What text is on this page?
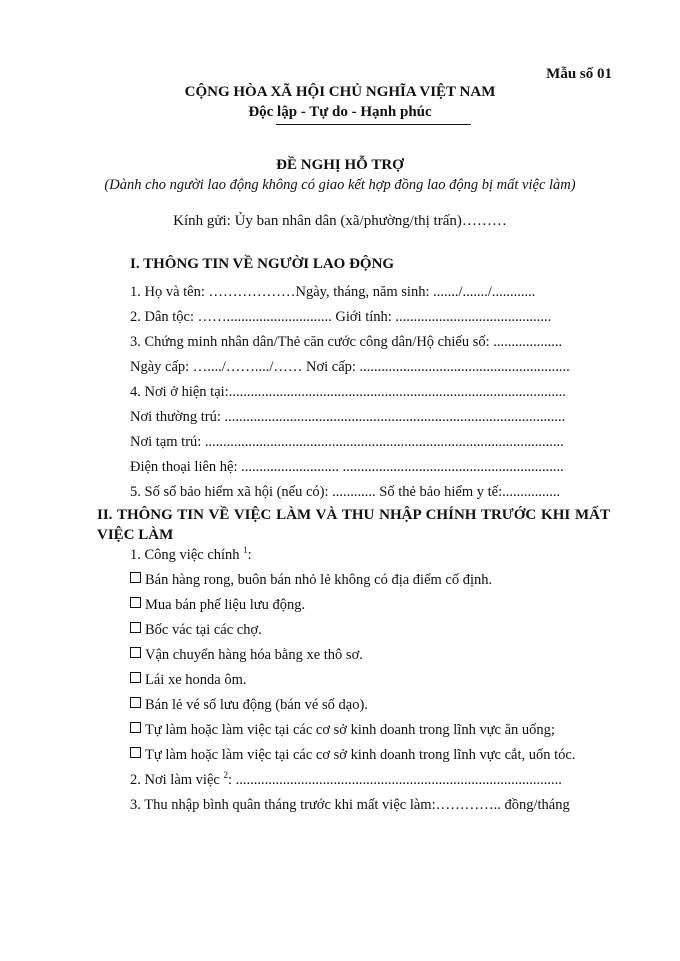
Mẫu số 01
CỘNG HÒA XÃ HỘI CHỦ NGHĨA VIỆT NAM
Độc lập - Tự do - Hạnh phúc
ĐỀ NGHỊ HỖ TRỢ
(Dành cho người lao động không có giao kết hợp đồng lao động bị mất việc làm)
Kính gửi: Ủy ban nhân dân (xã/phường/thị trấn)………
I. THÔNG TIN VỀ NGƯỜI LAO ĐỘNG
1. Họ và tên: ………………Ngày, tháng, năm sinh: ......./......./............
2. Dân tộc: ……............................. Giới tính: ...........................................
3. Chứng minh nhân dân/Thẻ căn cước công dân/Hộ chiếu số: ...................
Ngày cấp: …..../……..../…… Nơi cấp: ..........................................................
4. Nơi ở hiện tại:.............................................................................................
Nơi thường trú: ..............................................................................................
Nơi tạm trú: ...................................................................................................
Điện thoại liên hệ: ........................... .............................................................
5. Số sổ bảo hiểm xã hội (nếu có): ............ Số thẻ bảo hiểm y tế:................
II. THÔNG TIN VỀ VIỆC LÀM VÀ THU NHẬP CHÍNH TRƯỚC KHI MẤT VIỆC LÀM
1. Công việc chính $^1$:
Bán hàng rong, buôn bán nhỏ lẻ không có địa điểm cố định.
Mua bán phế liệu lưu động.
Bốc vác tại các chợ.
Vận chuyển hàng hóa bằng xe thô sơ.
Lái xe honda ôm.
Bán lẻ vé số lưu động (bán vé số dạo).
Tự làm hoặc làm việc tại các cơ sở kinh doanh trong lĩnh vực ăn uống;
Tự làm hoặc làm việc tại các cơ sở kinh doanh trong lĩnh vực cắt, uốn tóc.
2. Nơi làm việc $^2$: ..........................................................................................
3. Thu nhập bình quân tháng trước khi mất việc làm:………….. đồng/tháng
